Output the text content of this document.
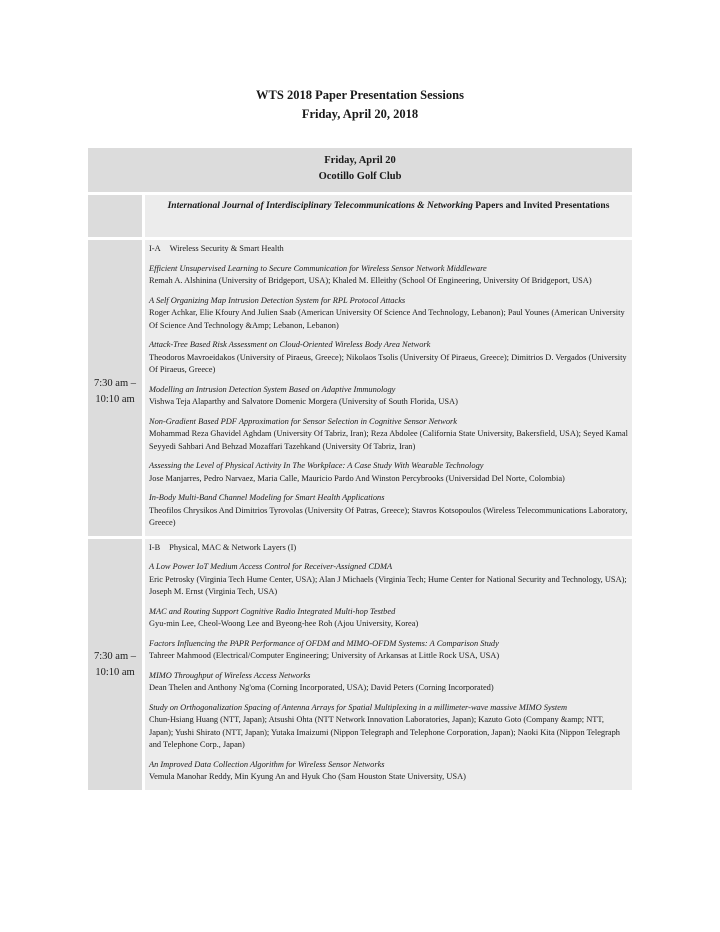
WTS 2018 Paper Presentation Sessions
Friday, April 20, 2018
Friday, April 20
Ocotillo Golf Club
International Journal of Interdisciplinary Telecommunications & Networking Papers and Invited Presentations
7:30 am –
10:10 am
I-A Wireless Security & Smart Health
Efficient Unsupervised Learning to Secure Communication for Wireless Sensor Network Middleware
Remah A. Alshinina (University of Bridgeport, USA); Khaled M. Elleithy (School Of Engineering, University Of Bridgeport, USA)
A Self Organizing Map Intrusion Detection System for RPL Protocol Attacks
Roger Achkar, Elie Kfoury And Julien Saab (American University Of Science And Technology, Lebanon); Paul Younes (American University Of Science And Technology &Amp; Lebanon, Lebanon)
Attack-Tree Based Risk Assessment on Cloud-Oriented Wireless Body Area Network
Theodoros Mavroeidakos (University of Piraeus, Greece); Nikolaos Tsolis (University Of Piraeus, Greece); Dimitrios D. Vergados (University Of Piraeus, Greece)
Modelling an Intrusion Detection System Based on Adaptive Immunology
Vishwa Teja Alaparthy and Salvatore Domenic Morgera (University of South Florida, USA)
Non-Gradient Based PDF Approximation for Sensor Selection in Cognitive Sensor Network
Mohammad Reza Ghavidel Aghdam (University Of Tabriz, Iran); Reza Abdolee (California State University, Bakersfield, USA); Seyed Kamal Seyyedi Sahbari And Behzad Mozaffari Tazehkand (University Of Tabriz, Iran)
Assessing the Level of Physical Activity In The Workplace: A Case Study With Wearable Technology
Jose Manjarres, Pedro Narvaez, Maria Calle, Mauricio Pardo And Winston Percybrooks (Universidad Del Norte, Colombia)
In-Body Multi-Band Channel Modeling for Smart Health Applications
Theofilos Chrysikos And Dimitrios Tyrovolas (University Of Patras, Greece); Stavros Kotsopoulos (Wireless Telecommunications Laboratory, Greece)
7:30 am –
10:10 am
I-B Physical, MAC & Network Layers (I)
A Low Power IoT Medium Access Control for Receiver-Assigned CDMA
Eric Petrosky (Virginia Tech Hume Center, USA); Alan J Michaels (Virginia Tech; Hume Center for National Security and Technology, USA); Joseph M. Ernst (Virginia Tech, USA)
MAC and Routing Support Cognitive Radio Integrated Multi-hop Testbed
Gyu-min Lee, Cheol-Woong Lee and Byeong-hee Roh (Ajou University, Korea)
Factors Influencing the PAPR Performance of OFDM and MIMO-OFDM Systems: A Comparison Study
Tahreer Mahmood (Electrical/Computer Engineering; University of Arkansas at Little Rock USA, USA)
MIMO Throughput of Wireless Access Networks
Dean Thelen and Anthony Ng'oma (Corning Incorporated, USA); David Peters (Corning Incorporated)
Study on Orthogonalization Spacing of Antenna Arrays for Spatial Multiplexing in a millimeter-wave massive MIMO System
Chun-Hsiang Huang (NTT, Japan); Atsushi Ohta (NTT Network Innovation Laboratories, Japan); Kazuto Goto (Company &amp; NTT, Japan); Yushi Shirato (NTT, Japan); Yutaka Imaizumi (Nippon Telegraph and Telephone Corporation, Japan); Naoki Kita (Nippon Telegraph and Telephone Corp., Japan)
An Improved Data Collection Algorithm for Wireless Sensor Networks
Vemula Manohar Reddy, Min Kyung An and Hyuk Cho (Sam Houston State University, USA)
